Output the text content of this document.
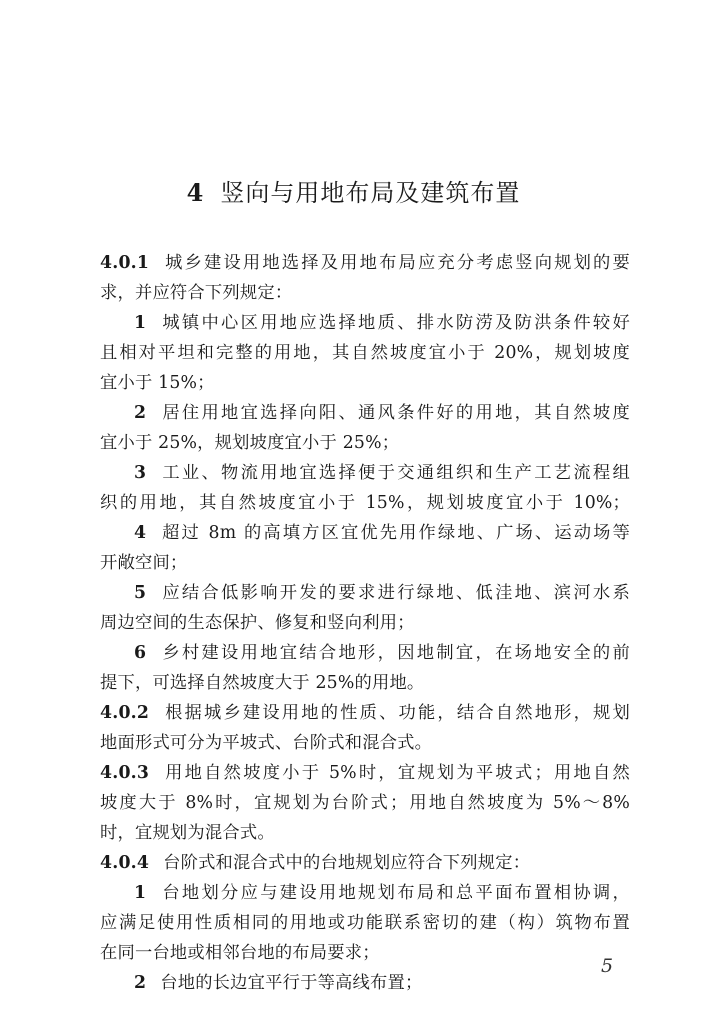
4 竖向与用地布局及建筑布置
4.0.1 城乡建设用地选择及用地布局应充分考虑竖向规划的要
求，并应符合下列规定：
1 城镇中心区用地应选择地质、排水防涝及防洪条件较好
且相对平坦和完整的用地，其自然坡度宜小于 20%，规划坡度
宜小于 15%；
2 居住用地宜选择向阳、通风条件好的用地，其自然坡度
宜小于 25%，规划坡度宜小于 25%；
3 工业、物流用地宜选择便于交通组织和生产工艺流程组
织的用地，其自然坡度宜小于 15%，规划坡度宜小于 10%；
4 超过 8m 的高填方区宜优先用作绿地、广场、运动场等
开敞空间；
5 应结合低影响开发的要求进行绿地、低洼地、滨河水系
周边空间的生态保护、修复和竖向利用；
6 乡村建设用地宜结合地形，因地制宜，在场地安全的前
提下，可选择自然坡度大于 25%的用地。
4.0.2 根据城乡建设用地的性质、功能，结合自然地形，规划
地面形式可分为平坡式、台阶式和混合式。
4.0.3 用地自然坡度小于 5%时，宜规划为平坡式；用地自然
坡度大于 8%时，宜规划为台阶式；用地自然坡度为 5%～8%
时，宜规划为混合式。
4.0.4 台阶式和混合式中的台地规划应符合下列规定：
1 台地划分应与建设用地规划布局和总平面布置相协调，
应满足使用性质相同的用地或功能联系密切的建（构）筑物布置
在同一台地或相邻台地的布局要求；
2 台地的长边宜平行于等高线布置；
5
